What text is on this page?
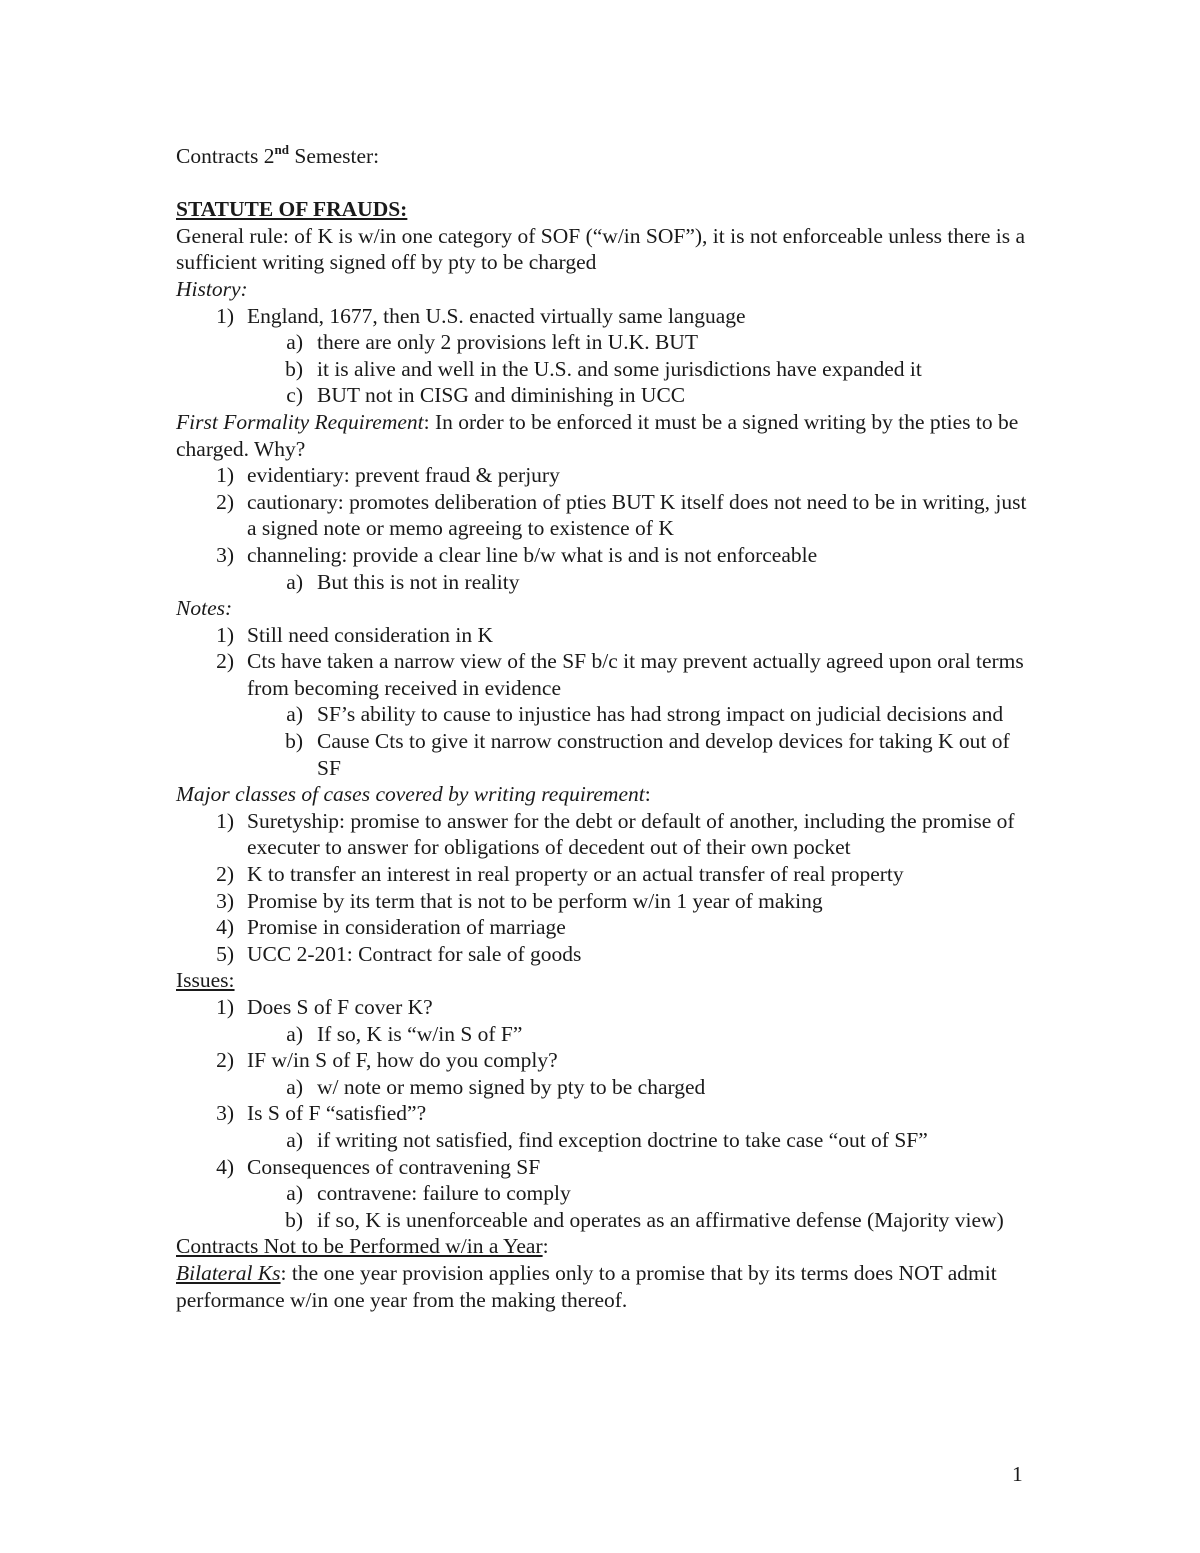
Contracts 2nd Semester:
STATUTE OF FRAUDS:
General rule: of K is w/in one category of SOF (“w/in SOF”), it is not enforceable unless there is a sufficient writing signed off by pty to be charged
History:
1) England, 1677, then U.S. enacted virtually same language
a) there are only 2 provisions left in U.K. BUT
b) it is alive and well in the U.S. and some jurisdictions have expanded it
c) BUT not in CISG and diminishing in UCC
First Formality Requirement: In order to be enforced it must be a signed writing by the pties to be charged. Why?
1) evidentiary: prevent fraud & perjury
2) cautionary: promotes deliberation of pties BUT K itself does not need to be in writing, just a signed note or memo agreeing to existence of K
3) channeling: provide a clear line b/w what is and is not enforceable
a) But this is not in reality
Notes:
1) Still need consideration in K
2) Cts have taken a narrow view of the SF b/c it may prevent actually agreed upon oral terms from becoming received in evidence
a) SF’s ability to cause to injustice has had strong impact on judicial decisions and
b) Cause Cts to give it narrow construction and develop devices for taking K out of SF
Major classes of cases covered by writing requirement:
1) Suretyship: promise to answer for the debt or default of another, including the promise of executer to answer for obligations of decedent out of their own pocket
2) K to transfer an interest in real property or an actual transfer of real property
3) Promise by its term that is not to be perform w/in 1 year of making
4) Promise in consideration of marriage
5) UCC 2-201: Contract for sale of goods
Issues:
1) Does S of F cover K?
a) If so, K is “w/in S of F”
2) IF w/in S of F, how do you comply?
a) w/ note or memo signed by pty to be charged
3) Is S of F “satisfied”?
a) if writing not satisfied, find exception doctrine to take case “out of SF”
4) Consequences of contravening SF
a) contravene: failure to comply
b) if so, K is unenforceable and operates as an affirmative defense (Majority view)
Contracts Not to be Performed w/in a Year:
Bilateral Ks: the one year provision applies only to a promise that by its terms does NOT admit performance w/in one year from the making thereof.
1
